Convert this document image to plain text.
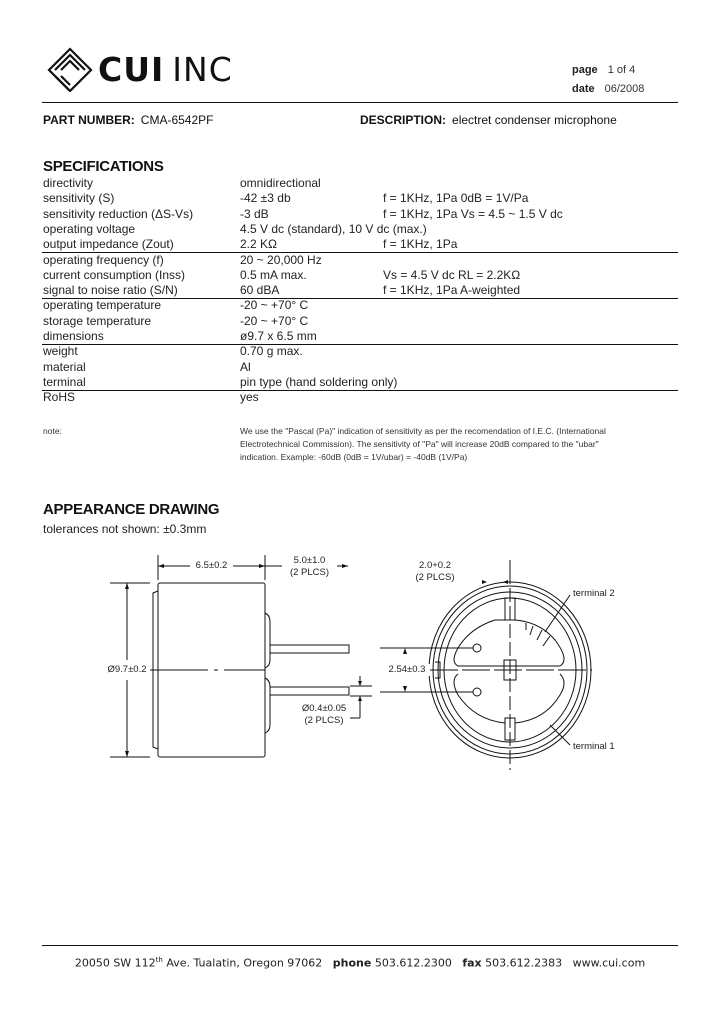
CUI INC	page 1 of 4
date 06/2008
PART NUMBER: CMA-6542PF	DESCRIPTION: electret condenser microphone
SPECIFICATIONS
directivity	omnidirectional
sensitivity (S)	-42 ±3 db	f = 1KHz, 1Pa 0dB = 1V/Pa
sensitivity reduction (ΔS-Vs)	-3 dB	f = 1KHz, 1Pa Vs = 4.5 ~ 1.5 V dc
operating voltage	4.5 V dc (standard), 10 V dc (max.)
output impedance (Zout)	2.2 KΩ	f = 1KHz, 1Pa
operating frequency (f)	20 ~ 20,000 Hz
current consumption (Inss)	0.5 mA max.	Vs = 4.5 V dc RL = 2.2KΩ
signal to noise ratio (S/N)	60 dBA	f = 1KHz, 1Pa A-weighted
operating temperature	-20 ~ +70° C
storage temperature	-20 ~ +70° C
dimensions	ø9.7 x 6.5 mm
weight	0.70 g max.
material	Al
terminal	pin type (hand soldering only)
RoHS	yes
note:	We use the "Pascal (Pa)" indication of sensitivity as per the recomendation of I.E.C. (International
Electrotechnical Commission). The sensitivity of "Pa" will increase 20dB compared to the "ubar"
indication. Example: -60dB (0dB = 1V/ubar) = -40dB (1V/Pa)
APPEARANCE DRAWING
tolerances not shown: ±0.3mm
6.5±0.2	5.0±1.0
(2 PLCS)
Ø9.7±0.2
Ø0.4±0.05
(2 PLCS)
2.0+0.2
(2 PLCS)
2.54±0.3
terminal 2
terminal 1
20050 SW 112th Ave. Tualatin, Oregon 97062 phone 503.612.2300 fax 503.612.2383 www.cui.com
